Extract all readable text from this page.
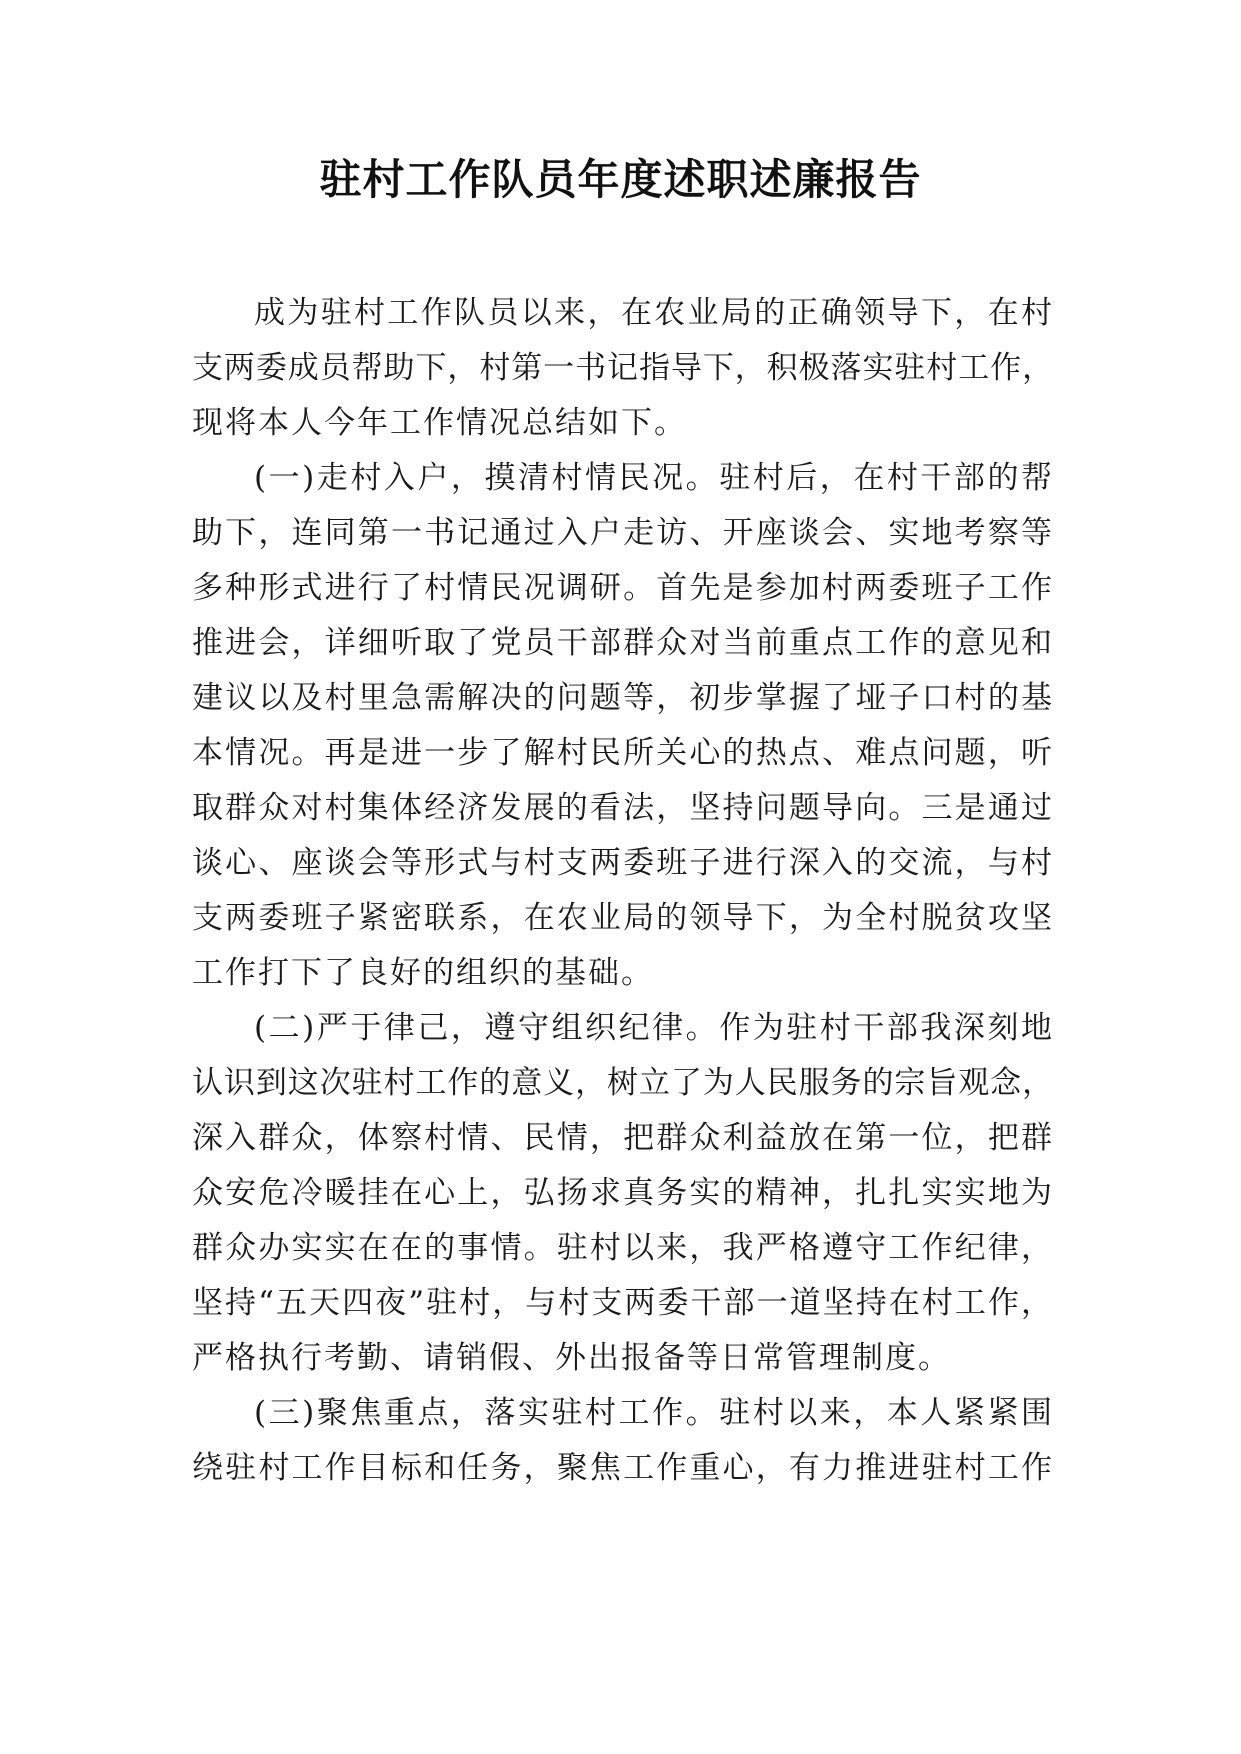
驻村工作队员年度述职述廉报告

成为驻村工作队员以来，在农业局的正确领导下，在村
支两委成员帮助下，村第一书记指导下，积极落实驻村工作，
现将本人今年工作情况总结如下。

(一)走村入户，摸清村情民况。驻村后，在村干部的帮
助下，连同第一书记通过入户走访、开座谈会、实地考察等
多种形式进行了村情民况调研。首先是参加村两委班子工作
推进会，详细听取了党员干部群众对当前重点工作的意见和
建议以及村里急需解决的问题等，初步掌握了垭子口村的基
本情况。再是进一步了解村民所关心的热点、难点问题，听
取群众对村集体经济发展的看法，坚持问题导向。三是通过
谈心、座谈会等形式与村支两委班子进行深入的交流，与村
支两委班子紧密联系，在农业局的领导下，为全村脱贫攻坚
工作打下了良好的组织的基础。

(二)严于律己，遵守组织纪律。作为驻村干部我深刻地
认识到这次驻村工作的意义，树立了为人民服务的宗旨观念，
深入群众，体察村情、民情，把群众利益放在第一位，把群
众安危冷暖挂在心上，弘扬求真务实的精神，扎扎实实地为
群众办实实在在的事情。驻村以来，我严格遵守工作纪律，
坚持“五天四夜”驻村，与村支两委干部一道坚持在村工作，
严格执行考勤、请销假、外出报备等日常管理制度。

(三)聚焦重点，落实驻村工作。驻村以来，本人紧紧围
绕驻村工作目标和任务，聚焦工作重心，有力推进驻村工作
